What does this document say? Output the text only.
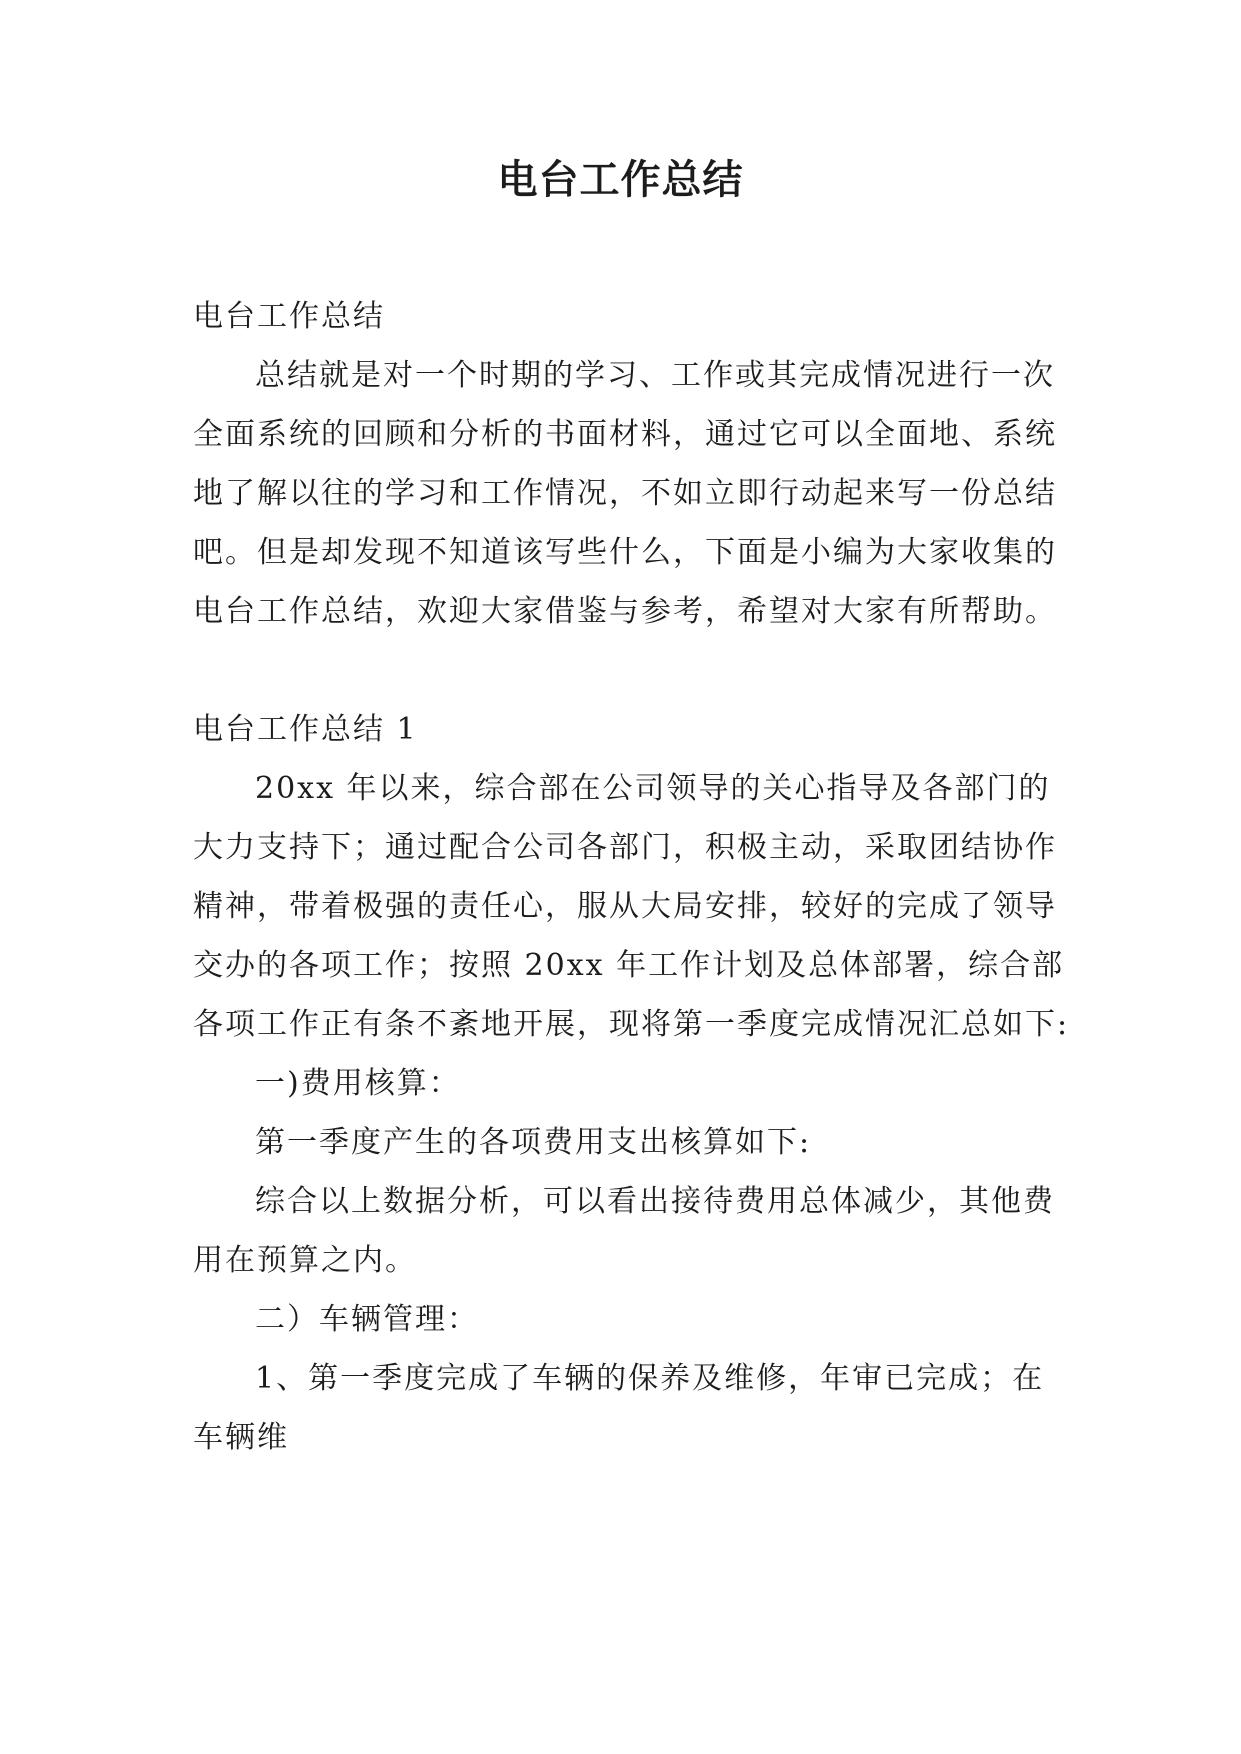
电台工作总结

电台工作总结

总结就是对一个时期的学习、工作或其完成情况进行一次全面系统的回顾和分析的书面材料，通过它可以全面地、系统地了解以往的学习和工作情况，不如立即行动起来写一份总结吧。但是却发现不知道该写些什么，下面是小编为大家收集的电台工作总结，欢迎大家借鉴与参考，希望对大家有所帮助。

电台工作总结 1

20xx 年以来，综合部在公司领导的关心指导及各部门的大力支持下；通过配合公司各部门，积极主动，采取团结协作精神，带着极强的责任心，服从大局安排，较好的完成了领导交办的各项工作；按照 20xx 年工作计划及总体部署，综合部各项工作正有条不紊地开展，现将第一季度完成情况汇总如下:

一)费用核算：

第一季度产生的各项费用支出核算如下:

综合以上数据分析，可以看出接待费用总体减少，其他费用在预算之内。

二）车辆管理：

1、第一季度完成了车辆的保养及维修，年审已完成；在车辆维
